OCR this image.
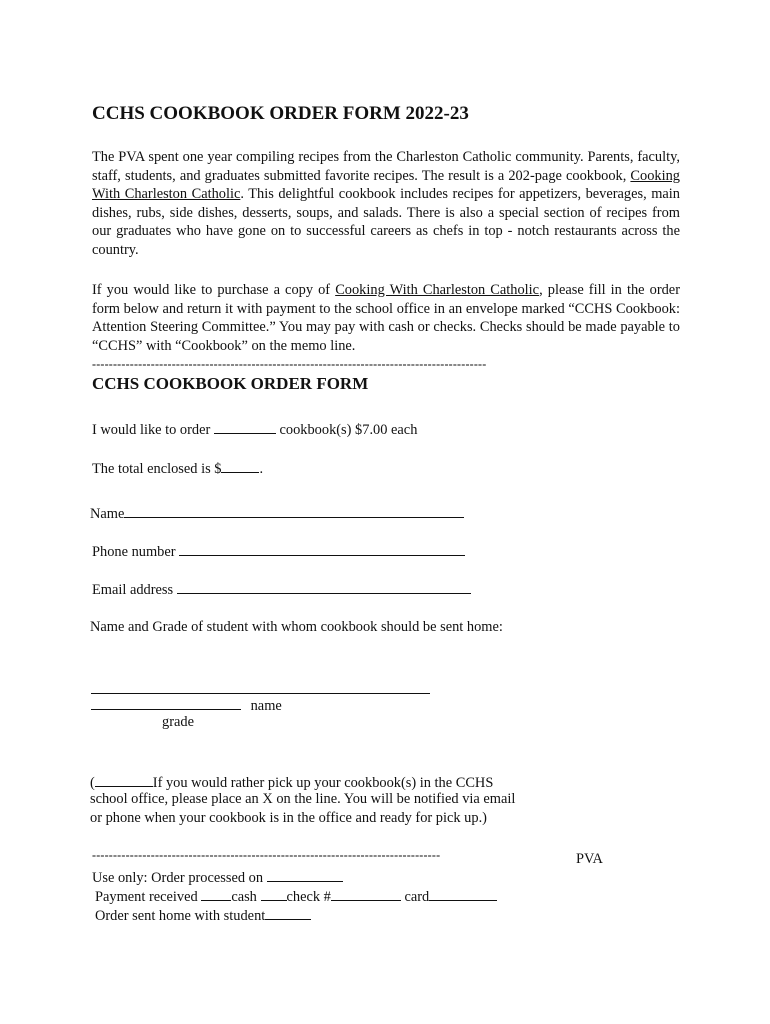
CCHS COOKBOOK ORDER FORM 2022-23

The PVA spent one year compiling recipes from the Charleston Catholic community. Parents, faculty, staff, students, and graduates submitted favorite recipes. The result is a 202-page cookbook, Cooking With Charleston Catholic. This delightful cookbook includes recipes for appetizers, beverages, main dishes, rubs, side dishes, desserts, soups, and salads. There is also a special section of recipes from our graduates who have gone on to successful careers as chefs in top - notch restaurants across the country.

If you would like to purchase a copy of Cooking With Charleston Catholic, please fill in the order form below and return it with payment to the school office in an envelope marked “CCHS Cookbook: Attention Steering Committee.” You may pay with cash or checks. Checks should be made payable to “CCHS” with “Cookbook” on the memo line.

----------------------------------------------------------------------------------------------
CCHS COOKBOOK ORDER FORM
I would like to order	cookbook(s) $7.00 each
The total enclosed is $	.
Name
Phone number
Email address
Name and Grade of student with whom cookbook should be sent home:
name
grade
(	If you would rather pick up your cookbook(s) in the CCHS
school office, please place an X on the line. You will be notified via email
or phone when your cookbook is in the office and ready for pick up.)
-----------------------------------------------------------------------------------	PVA
Use only: Order processed on
Payment received cash check #	card
Order sent home with student
